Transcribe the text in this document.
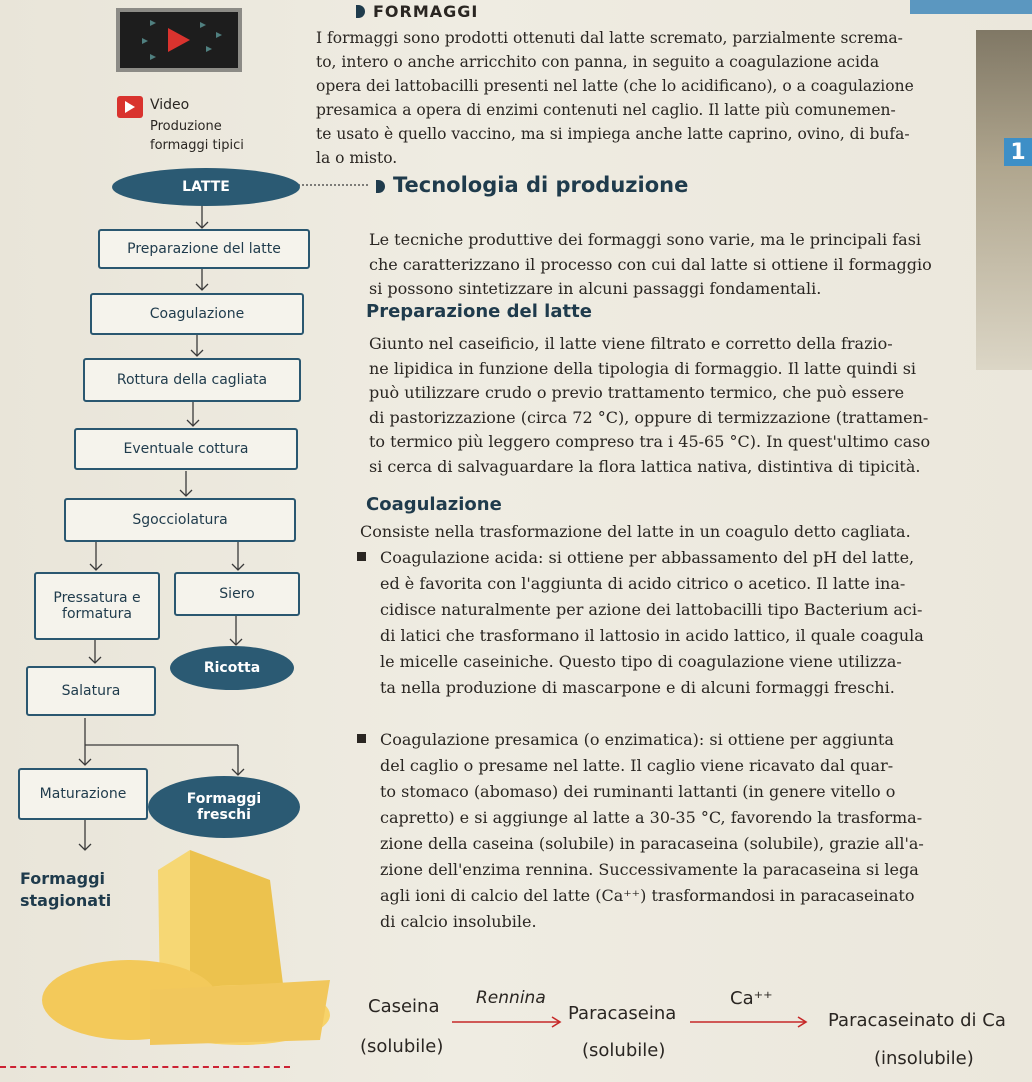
1
Video
Produzione
formaggi tipici
LATTE
Preparazione del latte
Coagulazione
Rottura della cagliata
Eventuale cottura
Sgocciolatura
Pressatura e formatura
Siero
Ricotta
Salatura
Maturazione	Formaggi freschi
Formaggi
stagionati
FORMAGGI
I formaggi sono prodotti ottenuti dal latte scremato, parzialmente screma-
to, intero o anche arricchito con panna, in seguito a coagulazione acida
opera dei lattobacilli presenti nel latte (che lo acidificano), o a coagulazione
presamica a opera di enzimi contenuti nel caglio. Il latte più comunemen-
te usato è quello vaccino, ma si impiega anche latte caprino, ovino, di bufa-
la o misto.
Tecnologia di produzione
Le tecniche produttive dei formaggi sono varie, ma le principali fasi
che caratterizzano il processo con cui dal latte si ottiene il formaggio
si possono sintetizzare in alcuni passaggi fondamentali.
Preparazione del latte
Giunto nel caseificio, il latte viene filtrato e corretto della frazio-
ne lipidica in funzione della tipologia di formaggio. Il latte quindi si
può utilizzare crudo o previo trattamento termico, che può essere
di pastorizzazione (circa 72 °C), oppure di termizzazione (trattamen-
to termico più leggero compreso tra i 45-65 °C). In quest'ultimo caso
si cerca di salvaguardare la flora lattica nativa, distintiva di tipicità.
Coagulazione
Consiste nella trasformazione del latte in un coagulo detto cagliata.
Coagulazione acida: si ottiene per abbassamento del pH del latte,
ed è favorita con l'aggiunta di acido citrico o acetico. Il latte ina-
cidisce naturalmente per azione dei lattobacilli tipo Bacterium aci-
di latici che trasformano il lattosio in acido lattico, il quale coagula
le micelle caseiniche. Questo tipo di coagulazione viene utilizza-
ta nella produzione di mascarpone e di alcuni formaggi freschi.
Coagulazione presamica (o enzimatica): si ottiene per aggiunta
del caglio o presame nel latte. Il caglio viene ricavato dal quar-
to stomaco (abomaso) dei ruminanti lattanti (in genere vitello o
capretto) e si aggiunge al latte a 30-35 °C, favorendo la trasforma-
zione della caseina (solubile) in paracaseina (solubile), grazie all'a-
zione dell'enzima rennina. Successivamente la paracaseina si lega
agli ioni di calcio del latte (Ca⁺⁺) trasformandosi in paracaseinato
di calcio insolubile.
Caseina
(solubile)
Rennina
Paracaseina
(solubile)
Ca⁺⁺
Paracaseinato di Ca
(insolubile)
